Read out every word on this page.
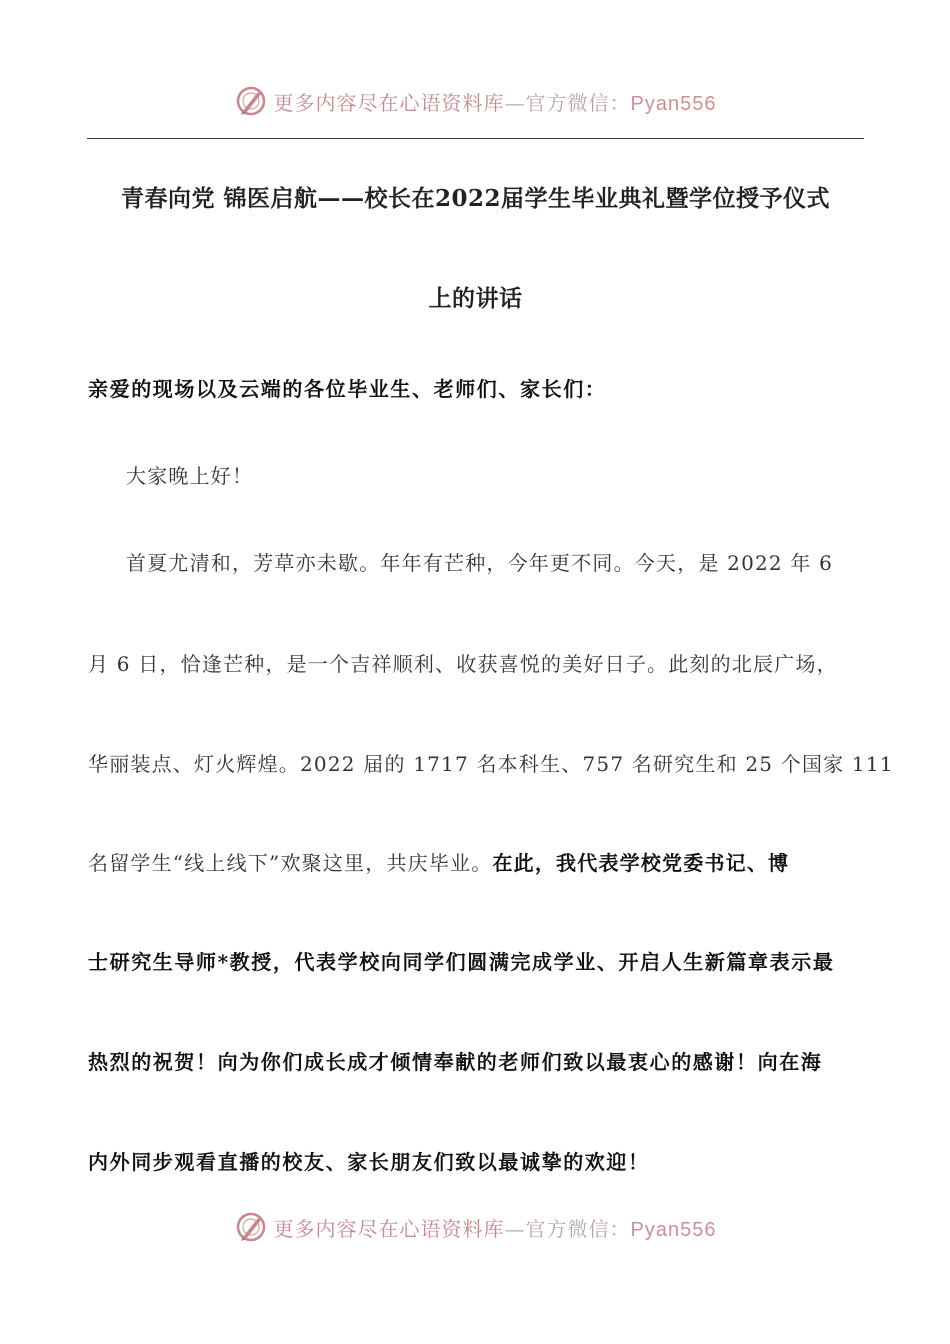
更多内容尽在心语资料库—官方微信：Pyan556
青春向党 锦医启航——校长在2022届学生毕业典礼暨学位授予仪式
上的讲话
亲爱的现场以及云端的各位毕业生、老师们、家长们：
大家晚上好！
首夏尤清和，芳草亦未歇。年年有芒种，今年更不同。今天，是 2022 年 6
月 6 日，恰逢芒种，是一个吉祥顺利、收获喜悦的美好日子。此刻的北辰广场，
华丽装点、灯火辉煌。2022 届的 1717 名本科生、757 名研究生和 25 个国家 111
名留学生“线上线下”欢聚这里，共庆毕业。在此，我代表学校党委书记、博
士研究生导师*教授，代表学校向同学们圆满完成学业、开启人生新篇章表示最
热烈的祝贺！向为你们成长成才倾情奉献的老师们致以最衷心的感谢！向在海
内外同步观看直播的校友、家长朋友们致以最诚挚的欢迎！
更多内容尽在心语资料库—官方微信：Pyan556
